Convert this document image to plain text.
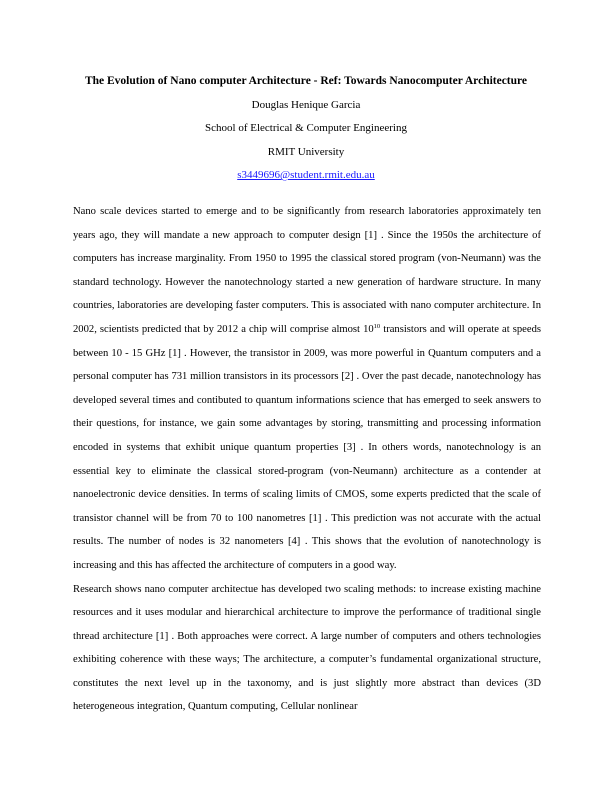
The Evolution of Nano computer Architecture - Ref: Towards Nanocomputer Architecture
Douglas Henique Garcia
School of Electrical & Computer Engineering
RMIT University
s3449696@student.rmit.edu.au

Nano scale devices started to emerge and to be significantly from research laboratories approximately ten years ago, they will mandate a new approach to computer design [1] . Since the 1950s the architecture of computers has increase marginality. From 1950 to 1995 the classical stored program (von-Neumann) was the standard technology. However the nanotechnology started a new generation of hardware structure. In many countries, laboratories are developing faster computers. This is associated with nano computer architecture. In 2002, scientists predicted that by 2012 a chip will comprise almost $10^{10}$ transistors and will operate at speeds between 10 - 15 GHz [1] . However, the transistor in 2009, was more powerful in Quantum computers and a personal computer has 731 million transistors in its processors [2] . Over the past decade, nanotechnology has developed several times and contibuted to quantum informations science that has emerged to seek answers to their questions, for instance, we gain some advantages by storing, transmitting and processing information encoded in systems that exhibit unique quantum properties [3] . In others words, nanotechnology is an essential key to eliminate the classical stored-program (von-Neumann) architecture as a contender at nanoelectronic device densities. In terms of scaling limits of CMOS, some experts predicted that the scale of transistor channel will be from 70 to 100 nanometres [1] . This prediction was not accurate with the actual results. The number of nodes is 32 nanometers [4] . This shows that the evolution of nanotechnology is increasing and this has affected the architecture of computers in a good way.

Research shows nano computer architectue has developed two scaling methods: to increase existing machine resources and it uses modular and hierarchical architecture to improve the performance of traditional single thread architecture [1] . Both approaches were correct. A large number of computers and others technologies exhibiting coherence with these ways; The architecture, a computer’s fundamental organizational structure, constitutes the next level up in the taxonomy, and is just slightly more abstract than devices (3D heterogeneous integration, Quantum computing, Cellular nonlinear
